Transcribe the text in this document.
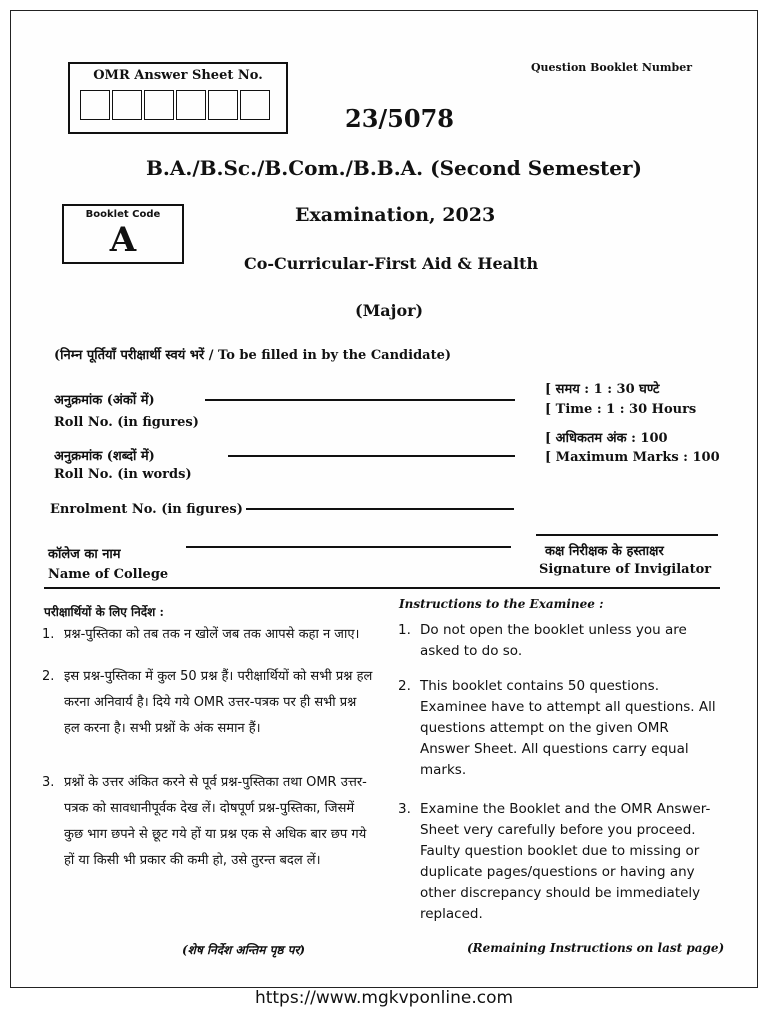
OMR Answer Sheet No.
Question Booklet Number
23/5078
B.A./B.Sc./B.Com./B.B.A. (Second Semester)
Booklet Code
A
Examination, 2023
Co-Curricular-First Aid & Health
(Major)
(निम्न पूर्तियाँ परीक्षार्थी स्वयं भरें / To be filled in by the Candidate)
अनुक्रमांक (अंकों में)
Roll No. (in figures)
अनुक्रमांक (शब्दों में)
Roll No. (in words)
Enrolment No. (in figures)
कॉलेज का नाम
Name of College
[ समय : 1 : 30 घण्टे
[ Time : 1 : 30 Hours
[ अधिकतम अंक : 100
[ Maximum Marks : 100
कक्ष निरीक्षक के हस्ताक्षर
Signature of Invigilator
परीक्षार्थियों के लिए निर्देश :
1. प्रश्न-पुस्तिका को तब तक न खोलें जब तक आपसे कहा न जाए।
2. इस प्रश्न-पुस्तिका में कुल 50 प्रश्न हैं। परीक्षार्थियों को सभी प्रश्न हल करना अनिवार्य है। दिये गये OMR उत्तर-पत्रक पर ही सभी प्रश्न हल करना है। सभी प्रश्नों के अंक समान हैं।
3. प्रश्नों के उत्तर अंकित करने से पूर्व प्रश्न-पुस्तिका तथा OMR उत्तर-पत्रक को सावधानीपूर्वक देख लें। दोषपूर्ण प्रश्न-पुस्तिका, जिसमें कुछ भाग छपने से छूट गये हों या प्रश्न एक से अधिक बार छप गये हों या किसी भी प्रकार की कमी हो, उसे तुरन्त बदल लें।
(शेष निर्देश अन्तिम पृष्ठ पर)
Instructions to the Examinee :
1. Do not open the booklet unless you are asked to do so.
2. This booklet contains 50 questions. Examinee have to attempt all questions. All questions attempt on the given OMR Answer Sheet. All questions carry equal marks.
3. Examine the Booklet and the OMR Answer-Sheet very carefully before you proceed. Faulty question booklet due to missing or duplicate pages/questions or having any other discrepancy should be immediately replaced.
(Remaining Instructions on last page)
https://www.mgkvponline.com
